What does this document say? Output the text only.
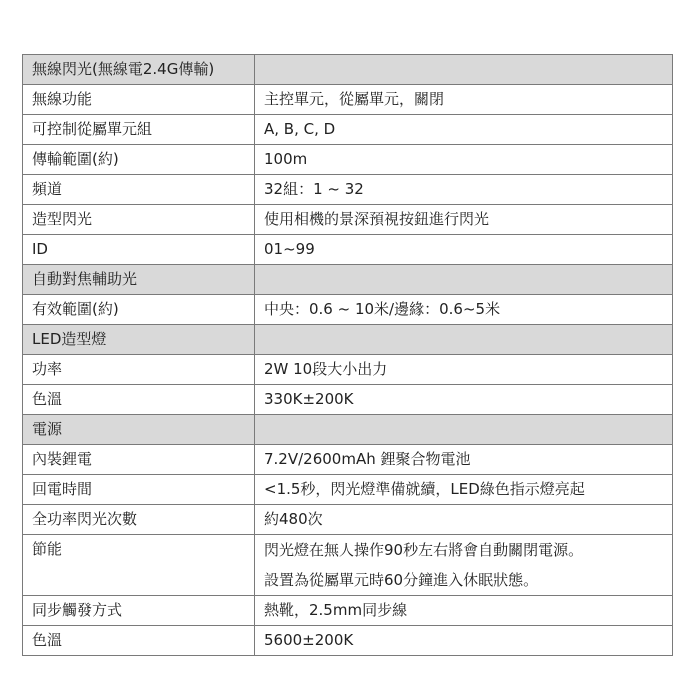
無線閃光(無線電2.4G傳輸)	
無線功能	主控單元，從屬單元，關閉
可控制從屬單元組	A, B, C, D
傳輸範圍(約)	100m
頻道	32組：1 ~ 32
造型閃光	使用相機的景深預視按鈕進行閃光
ID	01~99
自動對焦輔助光	
有效範圍(約)	中央：0.6 ~ 10米/邊緣：0.6~5米
LED造型燈	
功率	2W 10段大小出力
色溫	330K±200K
電源	
內裝鋰電	7.2V/2600mAh 鋰聚合物電池
回電時間	<1.5秒，閃光燈準備就續，LED綠色指示燈亮起
全功率閃光次數	約480次
節能	閃光燈在無人操作90秒左右將會自動關閉電源。
設置為從屬單元時60分鐘進入休眠狀態。

同步觸發方式	熱靴，2.5mm同步線
色溫	5600±200K
